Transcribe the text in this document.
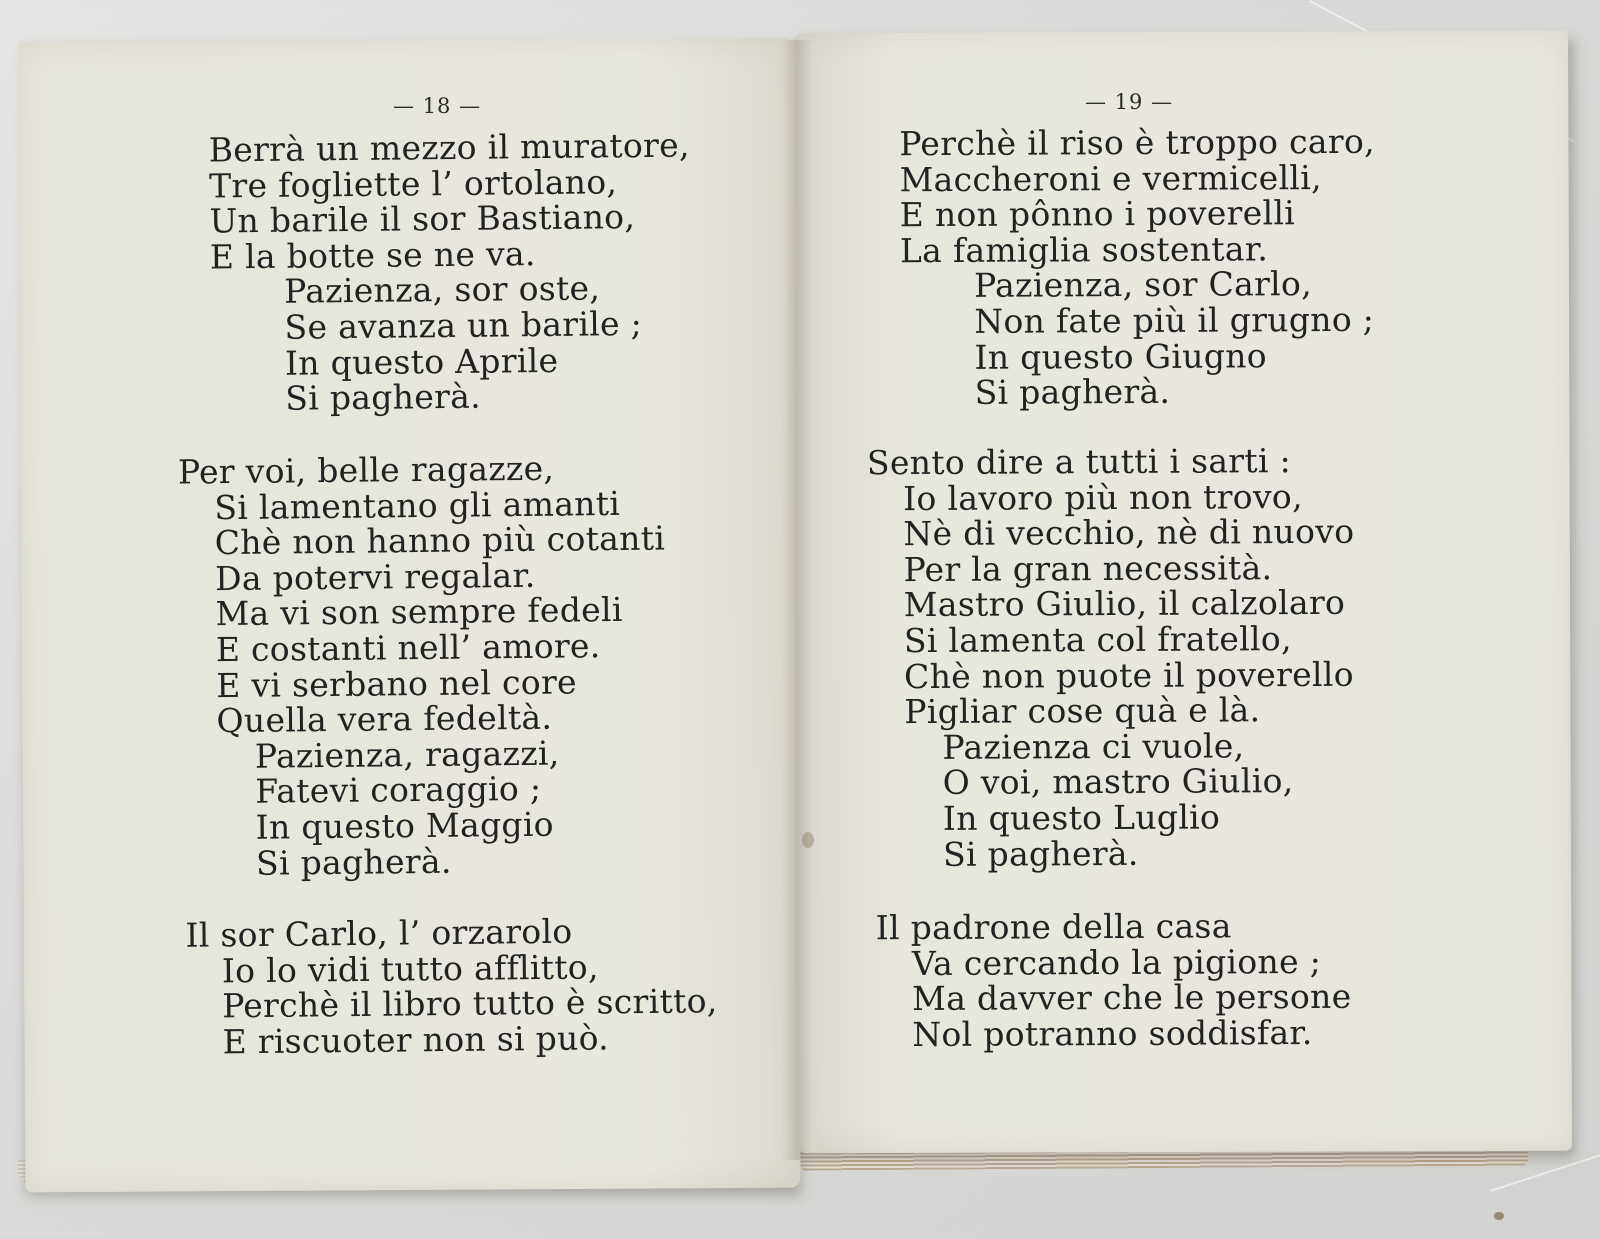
— 18 —	— 19 —
Berrà un mezzo il muratore,
Tre fogliette l’ ortolano,
Un barile il sor Bastiano,
E la botte se ne va.
Pazienza, sor oste,
Se avanza un barile ;
In questo Aprile
Si pagherà.
Per voi, belle ragazze,
Si lamentano gli amanti
Chè non hanno più cotanti
Da potervi regalar.
Ma vi son sempre fedeli
E costanti nell’ amore.
E vi serbano nel core
Quella vera fedeltà.
Pazienza, ragazzi,
Fatevi coraggio ;
In questo Maggio
Si pagherà.
Il sor Carlo, l’ orzarolo
Io lo vidi tutto afflitto,
Perchè il libro tutto è scritto,
E riscuoter non si può.
Perchè il riso è troppo caro,
Maccheroni e vermicelli,
E non pônno i poverelli
La famiglia sostentar.
Pazienza, sor Carlo,
Non fate più il grugno ;
In questo Giugno
Si pagherà.
Sento dire a tutti i sarti :
Io lavoro più non trovo,
Nè di vecchio, nè di nuovo
Per la gran necessità.
Mastro Giulio, il calzolaro
Si lamenta col fratello,
Chè non puote il poverello
Pigliar cose quà e là.
Pazienza ci vuole,
O voi, mastro Giulio,
In questo Luglio
Si pagherà.
Il padrone della casa
Va cercando la pigione ;
Ma davver che le persone
Nol potranno soddisfar.
